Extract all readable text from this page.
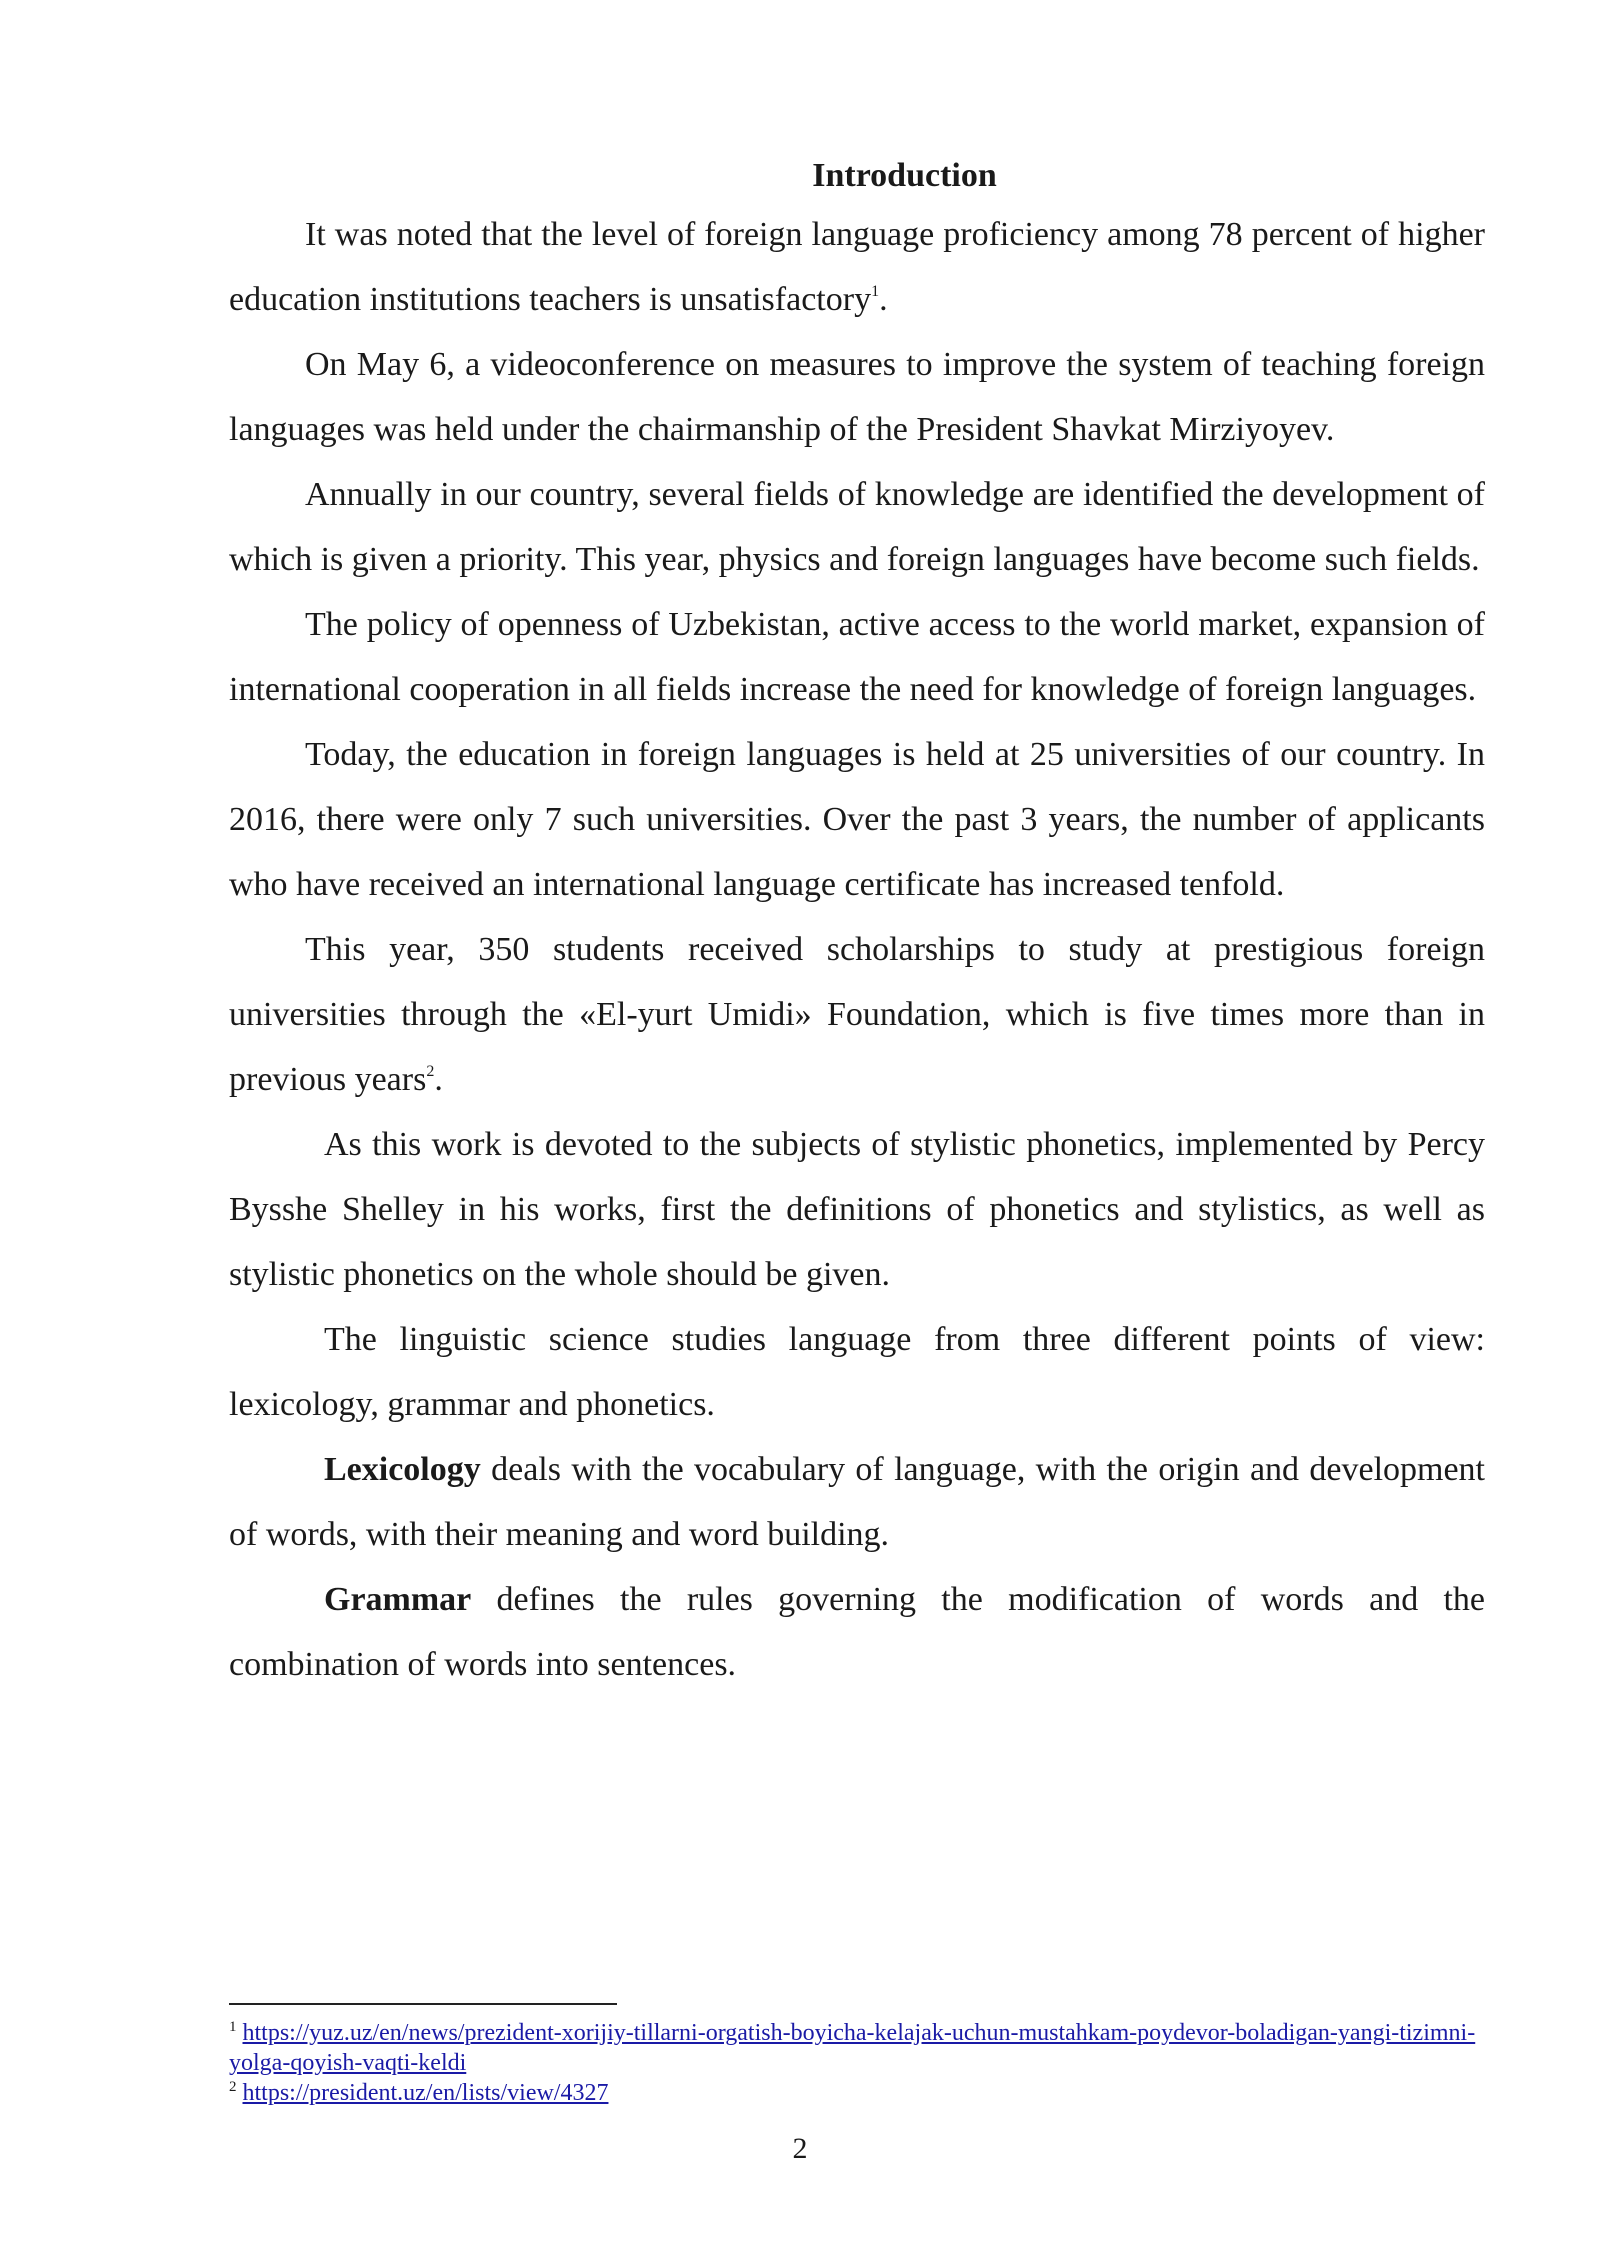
Introduction

It was noted that the level of foreign language proficiency among 78 percent of higher education institutions teachers is unsatisfactory$^1$.

On May 6, a videoconference on measures to improve the system of teaching foreign languages was held under the chairmanship of the President Shavkat Mirziyoyev.

Annually in our country, several fields of knowledge are identified the development of which is given a priority. This year, physics and foreign languages have become such fields.

The policy of openness of Uzbekistan, active access to the world market, expansion of international cooperation in all fields increase the need for knowledge of foreign languages.

Today, the education in foreign languages is held at 25 universities of our country. In 2016, there were only 7 such universities. Over the past 3 years, the number of applicants who have received an international language certificate has increased tenfold.

This year, 350 students received scholarships to study at prestigious foreign universities through the «El-yurt Umidi» Foundation, which is five times more than in previous years$^2$.

As this work is devoted to the subjects of stylistic phonetics, implemented by Percy Bysshe Shelley in his works, first the definitions of phonetics and stylistics, as well as stylistic phonetics on the whole should be given.

The linguistic science studies language from three different points of view: lexicology, grammar and phonetics.

Lexicology deals with the vocabulary of language, with the origin and development of words, with their meaning and word building.

Grammar defines the rules governing the modification of words and the combination of words into sentences.

$^1$ https://yuz.uz/en/news/prezident-xorijiy-tillarni-orgatish-boyicha-kelajak-uchun-mustahkam-poydevor-boladigan-yangi-tizimni-yolga-qoyish-vaqti-keldi

$^2$ https://president.uz/en/lists/view/4327

2
